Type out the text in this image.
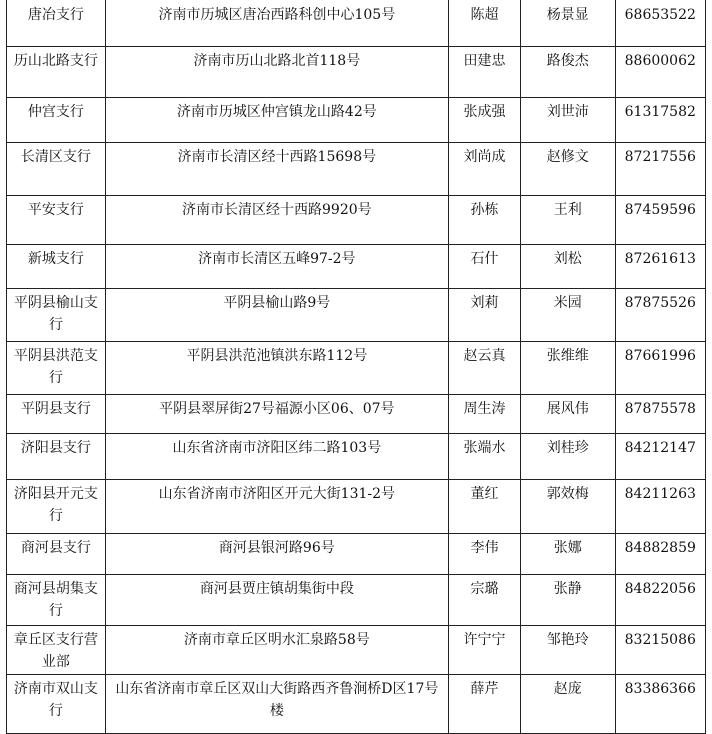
唐冶支行	济南市历城区唐冶西路科创中心105号	陈超	杨景显	68653522
历山北路支行	济南市历山北路北首118号	田建忠	路俊杰	88600062
仲宫支行	济南市历城区仲宫镇龙山路42号	张成强	刘世沛	61317582
长清区支行	济南市长清区经十西路15698号	刘尚成	赵修文	87217556
平安支行	济南市长清区经十西路9920号	孙栋	王利	87459596
新城支行	济南市长清区五峰97-2号	石什	刘松	87261613
平阴县榆山支行	平阴县榆山路9号	刘莉	米园	87875526
平阴县洪范支行	平阴县洪范池镇洪东路112号	赵云真	张维维	87661996
平阴县支行	平阴县翠屏街27号福源小区06、07号	周生涛	展风伟	87875578
济阳县支行	山东省济南市济阳区纬二路103号	张端水	刘桂珍	84212147
济阳县开元支行	山东省济南市济阳区开元大街131-2号	董红	郭效梅	84211263
商河县支行	商河县银河路96号	李伟	张娜	84882859
商河县胡集支行	商河县贾庄镇胡集街中段	宗璐	张静	84822056
章丘区支行营业部	济南市章丘区明水汇泉路58号	许宁宁	邹艳玲	83215086
济南市双山支行	山东省济南市章丘区双山大街路西齐鲁涧桥D区17号楼	薛芹	赵庞	83386366
